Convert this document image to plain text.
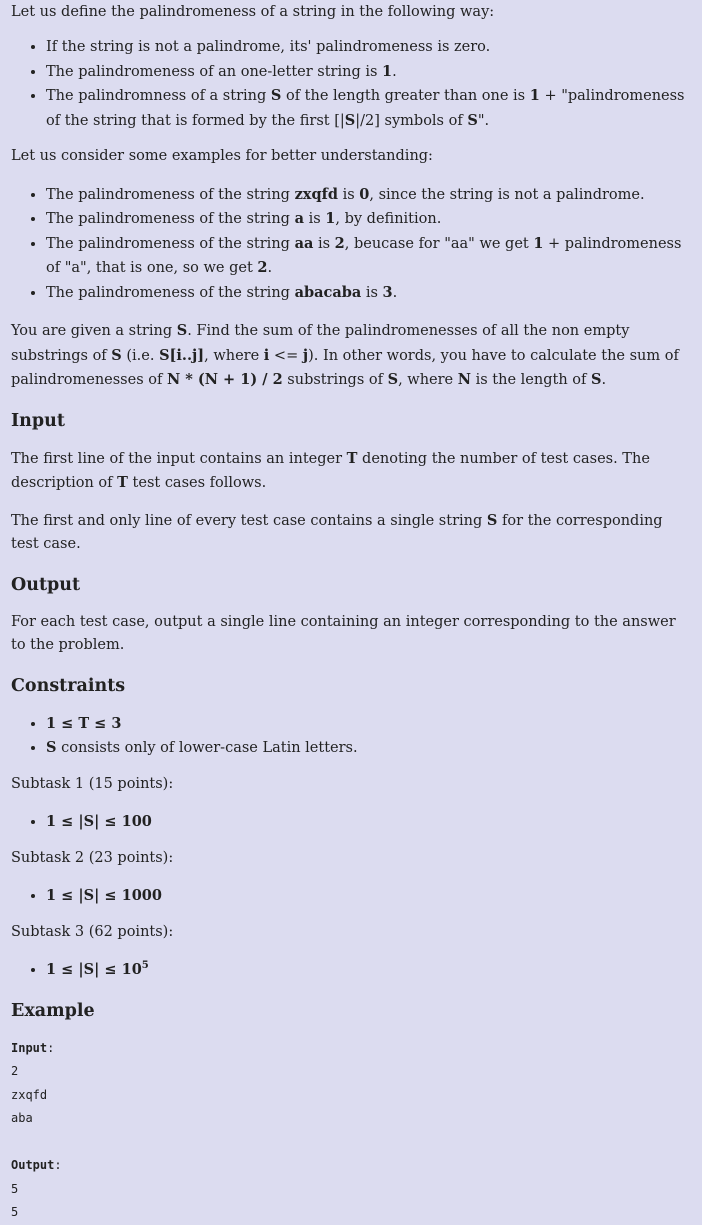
Let us define the palindromeness of a string in the following way:

• If the string is not a palindrome, its' palindromeness is zero.
• The palindromeness of an one-letter string is 1.
• The palindromness of a string S of the length greater than one is 1 + "palindromeness of the string that is formed by the first [|S|/2] symbols of S".

Let us consider some examples for better understanding:

• The palindromeness of the string zxqfd is 0, since the string is not a palindrome.
• The palindromeness of the string a is 1, by definition.
• The palindromeness of the string aa is 2, beucase for "aa" we get 1 + palindromeness of "a", that is one, so we get 2.
• The palindromeness of the string abacaba is 3.

You are given a string S. Find the sum of the palindromenesses of all the non empty substrings of S (i.e. S[i..j], where i <= j). In other words, you have to calculate the sum of palindromenesses of N * (N + 1) / 2 substrings of S, where N is the length of S.

Input

The first line of the input contains an integer T denoting the number of test cases. The description of T test cases follows.

The first and only line of every test case contains a single string S for the corresponding test case.

Output

For each test case, output a single line containing an integer corresponding to the answer to the problem.

Constraints
• 1 ≤ T ≤ 3
• S consists only of lower-case Latin letters.

Subtask 1 (15 points):

• 1 ≤ |S| ≤ 100

Subtask 2 (23 points):

• 1 ≤ |S| ≤ 1000

Subtask 3 (62 points):

• $1 \le |S| \le 10^5$
Example
Input:
2
zxqfd
aba
Output:
5
5
